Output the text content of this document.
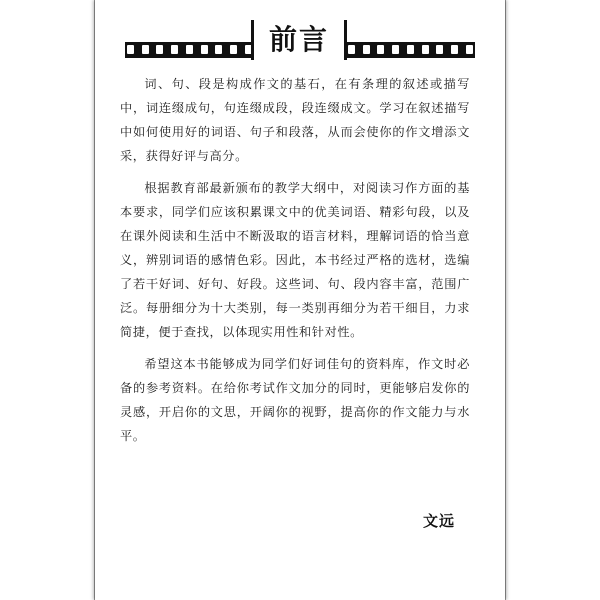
前言

词、句、段是构成作文的基石，在有条理的叙述或描写中，词连缀成句，句连缀成段，段连缀成文。学习在叙述描写中如何使用好的词语、句子和段落，从而会使你的作文增添文采，获得好评与高分。

根据教育部最新颁布的教学大纲中，对阅读习作方面的基本要求，同学们应该积累课文中的优美词语、精彩句段，以及在课外阅读和生活中不断汲取的语言材料，理解词语的恰当意义，辨别词语的感情色彩。因此，本书经过严格的选材，选编了若干好词、好句、好段。这些词、句、段内容丰富，范围广泛。每册细分为十大类别，每一类别再细分为若干细目，力求简捷，便于查找，以体现实用性和针对性。

希望这本书能够成为同学们好词佳句的资料库，作文时必备的参考资料。在给你考试作文加分的同时，更能够启发你的灵感，开启你的文思，开阔你的视野，提高你的作文能力与水平。

文远
